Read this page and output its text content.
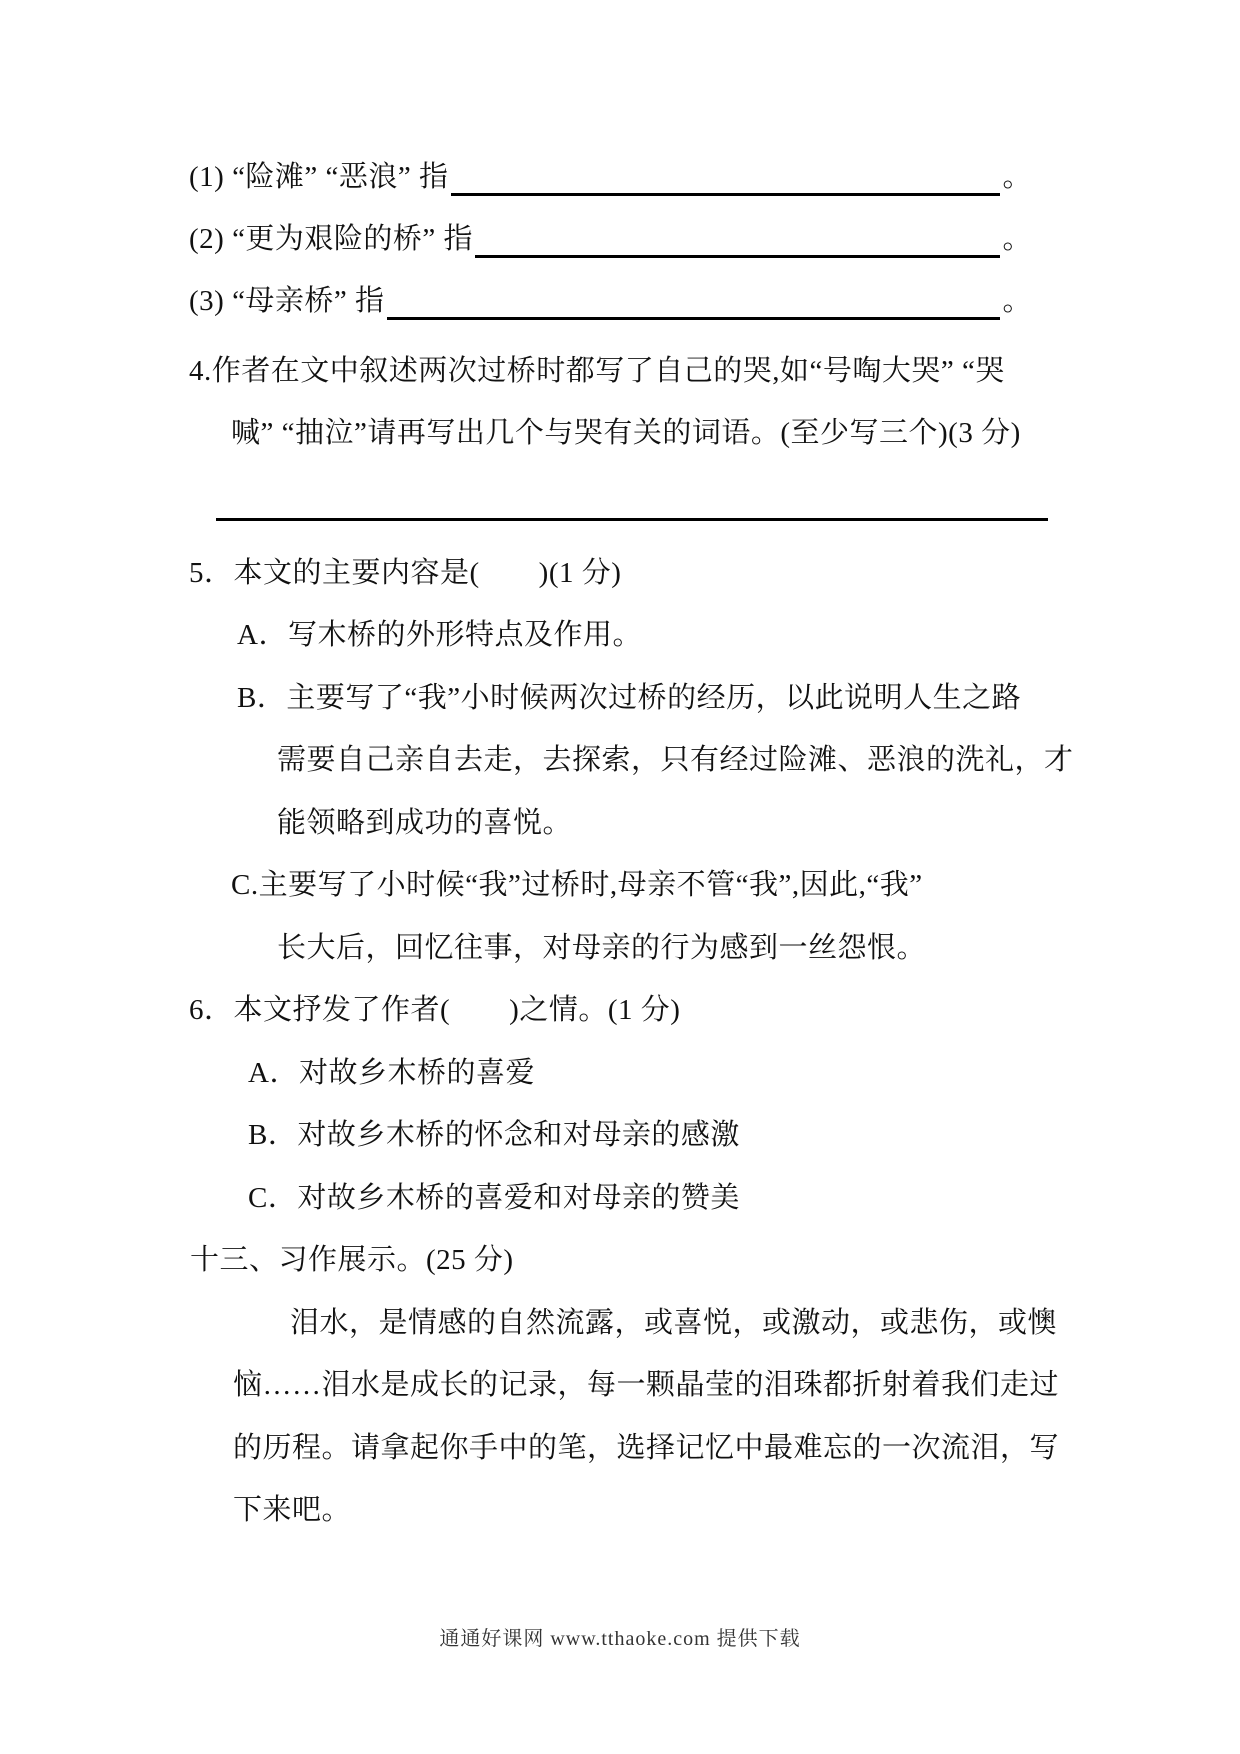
(1) “险滩” “恶浪” 指	。
(2) “更为艰险的桥” 指	。
(3) “母亲桥” 指	。
4.作者在文中叙述两次过桥时都写了自己的哭,如“号啕大哭” “哭
喊” “抽泣”请再写出几个与哭有关的词语。(至少写三个)(3 分)
5．本文的主要内容是(　　)(1 分)
A．写木桥的外形特点及作用。
B．主要写了“我”小时候两次过桥的经历，以此说明人生之路
需要自己亲自去走，去探索，只有经过险滩、恶浪的洗礼，才
能领略到成功的喜悦。
C.主要写了小时候“我”过桥时,母亲不管“我”,因此,“我”
长大后，回忆往事，对母亲的行为感到一丝怨恨。
6．本文抒发了作者(　　)之情。(1 分)
A．对故乡木桥的喜爱
B．对故乡木桥的怀念和对母亲的感激
C．对故乡木桥的喜爱和对母亲的赞美
十三、习作展示。(25 分)
泪水，是情感的自然流露，或喜悦，或激动，或悲伤，或懊
恼……泪水是成长的记录，每一颗晶莹的泪珠都折射着我们走过
的历程。请拿起你手中的笔，选择记忆中最难忘的一次流泪，写
下来吧。
通通好课网 www.tthaoke.com 提供下载
